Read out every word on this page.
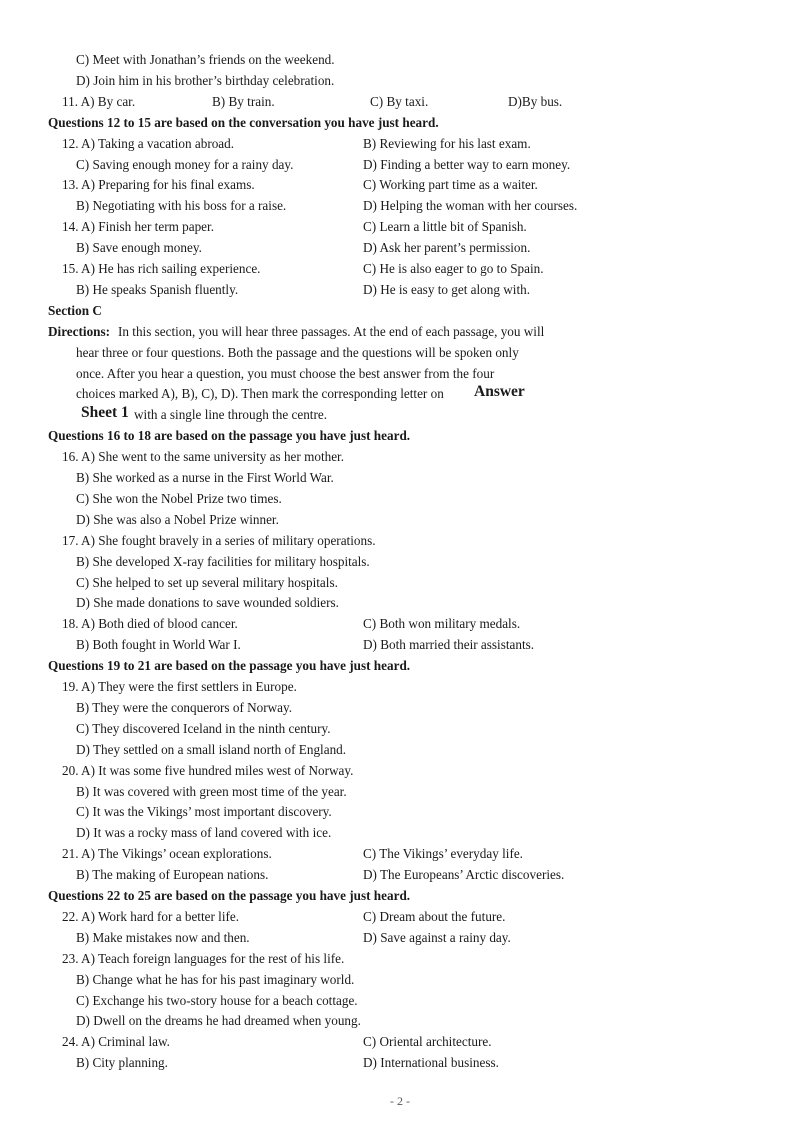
C) Meet with Jonathan’s friends on the weekend.
D) Join him in his brother’s birthday celebration.
11. A) By car.	B) By train.	C) By taxi.	D)By bus.
Questions 12 to 15 are based on the conversation you have just heard.
12. A) Taking a vacation abroad.	B) Reviewing for his last exam.
C) Saving enough money for a rainy day.	D) Finding a better way to earn money.
13. A) Preparing for his final exams.	C) Working part time as a waiter.
B) Negotiating with his boss for a raise.	D) Helping the woman with her courses.
14. A) Finish her term paper.	C) Learn a little bit of Spanish.
B) Save enough money.	D) Ask her parent’s permission.
15. A) He has rich sailing experience.	C) He is also eager to go to Spain.
B) He speaks Spanish fluently.	D) He is easy to get along with.
Section C
Directions: In this section, you will hear three passages. At the end of each passage, you will
hear three or four questions. Both the passage and the questions will be spoken only
once. After you hear a question, you must choose the best answer from the four
choices marked A), B), C), D). Then mark the corresponding letter on Answer
Sheet 1 with a single line through the centre.
Questions 16 to 18 are based on the passage you have just heard.
16. A) She went to the same university as her mother.
B) She worked as a nurse in the First World War.
C) She won the Nobel Prize two times.
D) She was also a Nobel Prize winner.
17. A) She fought bravely in a series of military operations.
B) She developed X-ray facilities for military hospitals.
C) She helped to set up several military hospitals.
D) She made donations to save wounded soldiers.
18. A) Both died of blood cancer.	C) Both won military medals.
B) Both fought in World War I.	D) Both married their assistants.
Questions 19 to 21 are based on the passage you have just heard.
19. A) They were the first settlers in Europe.
B) They were the conquerors of Norway.
C) They discovered Iceland in the ninth century.
D) They settled on a small island north of England.
20. A) It was some five hundred miles west of Norway.
B) It was covered with green most time of the year.
C) It was the Vikings’ most important discovery.
D) It was a rocky mass of land covered with ice.
21. A) The Vikings’ ocean explorations.	C) The Vikings’ everyday life.
B) The making of European nations.	D) The Europeans’ Arctic discoveries.
Questions 22 to 25 are based on the passage you have just heard.
22. A) Work hard for a better life.	C) Dream about the future.
B) Make mistakes now and then.	D) Save against a rainy day.
23. A) Teach foreign languages for the rest of his life.
B) Change what he has for his past imaginary world.
C) Exchange his two-story house for a beach cottage.
D) Dwell on the dreams he had dreamed when young.
24. A) Criminal law.	C) Oriental architecture.
B) City planning.	D) International business.
- 2 -
